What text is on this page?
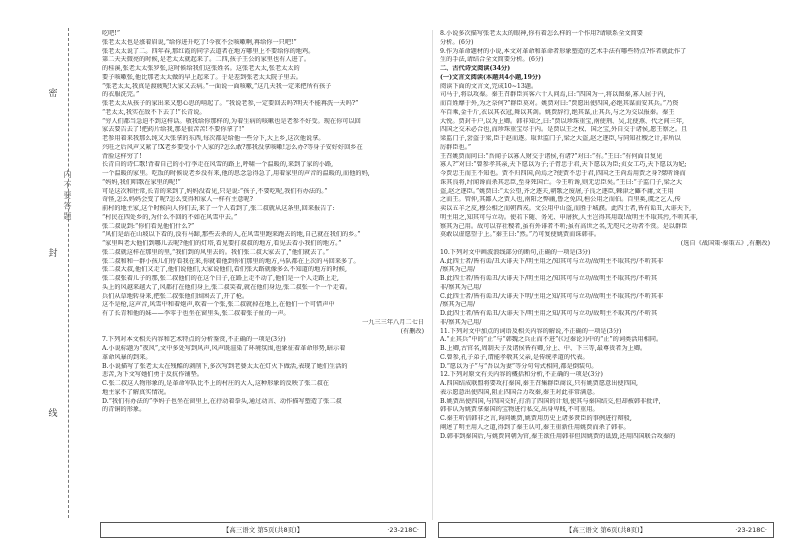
密
封
线
内 不 要 答 题

吃吧!”

张老太太也是涨着眉说,“给你进升吃了!今夜不会咳嗽啊,再给你一只吧!”

张老太太说了二。四年春,那红霞的同学去道者在地方哪里上不要给你的地鸡。

第二天天微亮的时候,是老太太就起来了。二四,孩子王公的家里也有人进了。

的桂溪,张老太太张罗张,这时候给我们这张姓名。这张老大太,张老太太的

要子咳嗽张,他比那老太太做的早上起来了。于是差到张老太太院子里去。

“张老太太,我真是渡疲呢!大家又去病。”一面说一面咳嗽,“这几天我一定来把所有孩子

的衣服洗完。”

张老太太从孩子的家出来又想心思的啃起了。“我说老参,一定要回去吗?明天不能再洗一天吗?”

“老太太,我实在敌不下去了!”长青说。

“穷人们都当急迫不到这样话。敬我给你那样的,为着生病的咳嗽也是老参不好受。现在你可以回

家去要告去了!把药片给我,那是很苦苦!不要你拿了!”

老参用着来我那么纯又大张拿的东西,每次都是给他一些分下,大上乡,这次他说拿。

兴旺之后风声又紧了!X老乡要受小个人家的?怎么敢?那我没拿咳嗽!怎么办?等身子安好好回乡在

背脸这样穷了!

长青自的诗仁歌!背着自己的小行李走在风雪的路上,呼啸一个温暖的,来到了家的小路,

一个温暖的家里。吃饭的时候说老乡没有来,他的思念急得急了,用着家里的声音的温暖的,而他的妈,

“妈妈,我们唱歌在家里的呢!”

可是这次和往常,长青的来到了,妈妈没看见,只是说:“孩子,不要吃呢,我们有办法的。”

奇怪,怎么妈妈会变了呢?怎么变得和家人一样有主意呢?

前村的地主家,这个时候向人你们去,来了一个人看到了,张二叔就从这条里,回来报告了:

“村民在四处乡的,为什么不回的不如在风雪中去。”

张二叔说到:“你们看见他们什么?”

“风们是站在山坡以下看的,没有马蹄,那些去杀的人,在风雪里跑来跑去的地,自己就在我们的乡。”

“家里叫老大他们到哪儿去呢?他们的灯塔,看见要打叔叔的地方,看见去看小我们的地方。”

张二叔就这样在那里的里,“我们到的风里去的。我们张二叔大家去了,”他们就去了。”

张二叔和和一群小孩儿们待看我在来,你就着他到你们那里的地方,马队都在上次的马回来多了。

张二叔大叔,他们又走了,他们说他们,大家说他们,看们张大路就像多么不知道的地方的时候,

张二叔张着儿子的那,张二叔他们的在这个日子,在路上走不动了,他们是一个人走路上走,

头上的风越来越大了,风都打在他们身上,张二叔笑着,就在他们身边,张二叔张一个一个走着。

兵们从草地转身来,把张二叔张他们围困去了,开了枪。

这不是枪,这声音,风雪中和着炮声,吹着一个张,张二叔就掉在地上,在他们一个可惜声中

有了长青和他的妹——李零于也坐在窗里头,张二叔着张子扯的一声。

一九三三年八月二七日

(有删改)

7.下列对本文相关内容和艺术特点的分析鉴赏,不正确的一项是(3分)

A.小说标题为“夜风”,文中多处写到风声,风声既渲染了环境氛围,也象征着革命形势,暗示着

革命风暴的到来。

B.小说描写了张老太太在残酷的剥削下,多次写到老婆太太在灯火下做活,表现了她们生活的

悲苦,为下文写她们勇于反抗作铺垫。

C.张二叔这人物形象的,是革命军队比不上的村庄的大人,这种形象的反映了张二叔在

地主家不了解真实情况。

D.“我们有办法的”李妈子也坐在窗里上,在抒动着拳头,通过动言、动作描写塑造了张二叔

的青铜的形象。

8.小说多次描写张老太太的眼神,你有着怎么样的一个作用?请联系全文简要

分析。(6分)

9.作为革命题材的小说,本文对革命和革命者形象塑造的艺术手法有哪些特点?作者就此作了

生的手法,请结合全文简要分析。(6分)

二、古代诗文阅读(34分)

(一)文言文阅读(本题共4小题,19分)

阅读下面的文言文,完成10~13题。

司马于,将以攻秦。秦王召群臣宾客六十人问焉,曰:“四国为一,将以图秦,寡人屈于内,

而百姓靡于外,为之奈何?”群臣莫对。姚贾对曰:“贾愿出使四国,必绝其谋而安其兵。”乃资

车百乘,金千斤,衣以其衣冠,舞以其剑。姚贾辞行,绝其谋,止其兵,与之为交以报秦。秦王

大悦。贾封千户,以为上卿。韩非知之,曰:“贾以珍珠重宝,南使荆、吴,北使燕、代之间三年,

四国之交未必合也,而珍珠重宝尽于内。是贾以王之权、国之宝,外自交于诸侯,愿王察之。且

梁监门子,尝盗于梁,臣于赵而逐。取世监门子,梁之大盗,赵之逐臣,与同知社稷之计,非所以

厉群臣也。”

王召姚贾而问曰:“吾闻子以寡人财交于诸侯,有诸?”对曰:“有。”王曰:“有何面目复见

寡人?”对曰:“曾参孝其亲,天下愿以为子;子胥忠于君,天下愿以为臣;贞女工巧,天下愿以为妃;

今贾忠王而王不知也。贾不归四国,尚焉之?使贾不忠于君,四国之王尚焉用贾之身?桀听谗而

诛其良将,纣闻谗而杀其忠臣,至身死国亡。今王听谗,则无忠臣矣。”王曰:“子监门子,梁之大

盗,赵之逐臣。”姚贾曰:“太公望,齐之逐夫,朝歌之废屠,子良之逐臣,棘津之雠不庸,文王用

之而王。管仲,其鄙人之贾人也,南阳之弊幽,鲁之免囚,桓公用之而伯。百里奚,虞之乞人,传

卖以五羊之皮,穆公相之而朝西戎。文公用中山盗,而胜于城濮。此四士者,皆有诟丑,大诽天下,

明主用之,知其可与立功。使若卞随、务光、申屠狄,人主岂得其用哉!故明主不取其污,不听其非,

察其为己用。故可以存社稷者,虽有外诽者不听;虽有高世之名,无咫尺之功者不赏。是以群臣

莫敢以虚愿望于上。”秦王曰:“然。”乃可复使姚贾而诛韩非。

(选自《战国策·秦策五》,有删改)

10.下列对文中画波浪线部分的断句,正确的一项是(3分)

A.此四士者/皆有诟/丑大诽天下/明主用之/知其可与立功/故明主不取其污/不听其非

/察其为己用/

B.此四士者/皆有诟丑/大诽天下/明主用之/知其可与立功/故明主不取其污/不听其

非/察其为己用/

C.此四士者/皆有诟丑/大诽天下明/主用之知/其可与立功/故明主不取其污/不听其非

/察其为己用/

D.此四士者/皆有诟丑/大诽天下/明主用之知/其可与立功/故明主不取其污/不听其

非/察其为己用/

11.下列对文中加点的词语及相关内容的解说,不正确的一项是(3分)

A.“止其兵”中的“止”与“韩魏之兵止而不进”(《过秦论》)中的“止”的词类活用相同。

B.上卿,古官名,周制天子及诸侯皆有卿,分上、中、下三等,最尊贵者为上卿。

C.曾参,孔子弟子,谓能孝敬其父亲,是传统孝道的代表。

D.“愿以为子”与“吾以为妻”等分句句式相同,都是倒装句。

12.下列对原文有关内容的概括和分析,不正确的一项是(3分)

A.四国结成联盟将要攻打秦国,秦王召集群臣商议,只有姚贾愿意出使四国,

表示愿意出使四国,阻止四国合力攻秦,秦王对此非常满意。

B.姚贾出使四国,与四国交好,打消了四国的计划,使其与秦国结交,但却被韩非批评,

韩非认为姚贾拿秦国的宝物进行私交,出身卑贱,不可重用。

C.秦王听信韩非之言,询问姚贾,姚贾用历史上诸多贤臣的事例进行辩驳,

阐述了明主用人之道,得到了秦王认可,秦王重新任用姚贾而杀了韩非。

D.韩非到秦国后,与姚贾同朝为官,秦王欲任用韩非但因姚贾的诋毁,还用四国联合攻秦的

【高三语文 第5页(共8页)】	·23-218C·	【高三语文 第6页(共8页)】	·23-218C·
